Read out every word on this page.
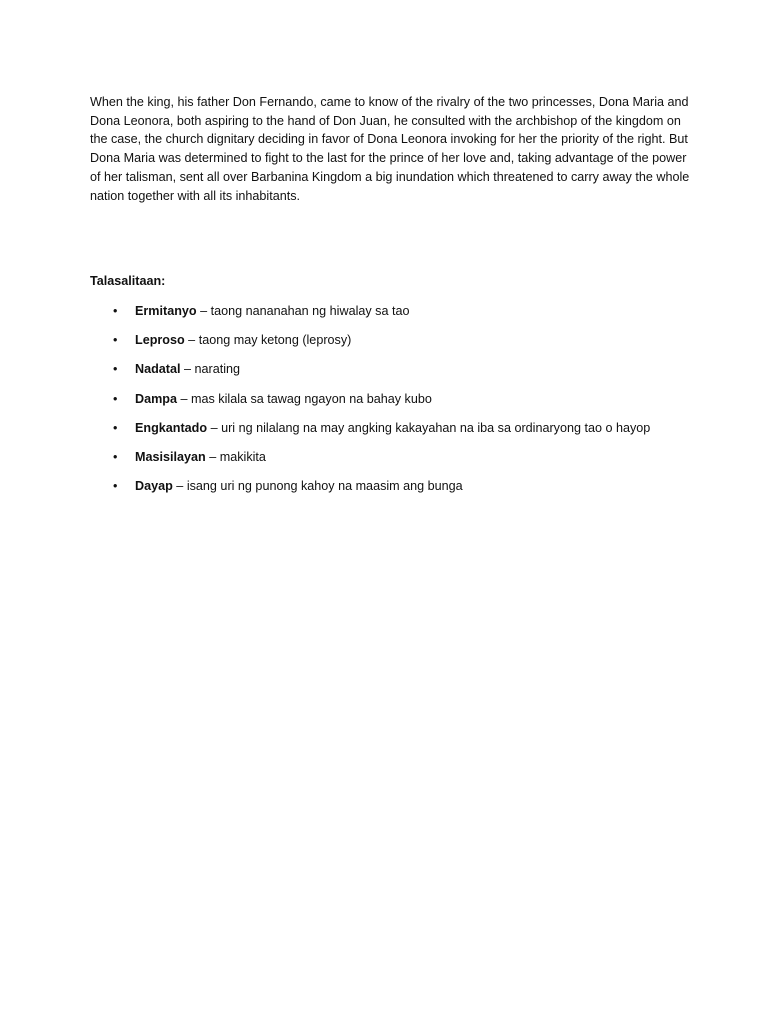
When the king, his father Don Fernando, came to know of the rivalry of the two princesses, Dona Maria and Dona Leonora, both aspiring to the hand of Don Juan, he consulted with the archbishop of the kingdom on the case, the church dignitary deciding in favor of Dona Leonora invoking for her the priority of the right. But Dona Maria was determined to fight to the last for the prince of her love and, taking advantage of the power of her talisman, sent all over Barbanina Kingdom a big inundation which threatened to carry away the whole nation together with all its inhabitants.

Talasalitaan:

• Ermitanyo – taong nananahan ng hiwalay sa tao
• Leproso – taong may ketong (leprosy)
• Nadatal – narating
• Dampa – mas kilala sa tawag ngayon na bahay kubo
• Engkantado – uri ng nilalang na may angking kakayahan na iba sa ordinaryong tao o hayop
• Masisilayan – makikita
• Dayap – isang uri ng punong kahoy na maasim ang bunga
